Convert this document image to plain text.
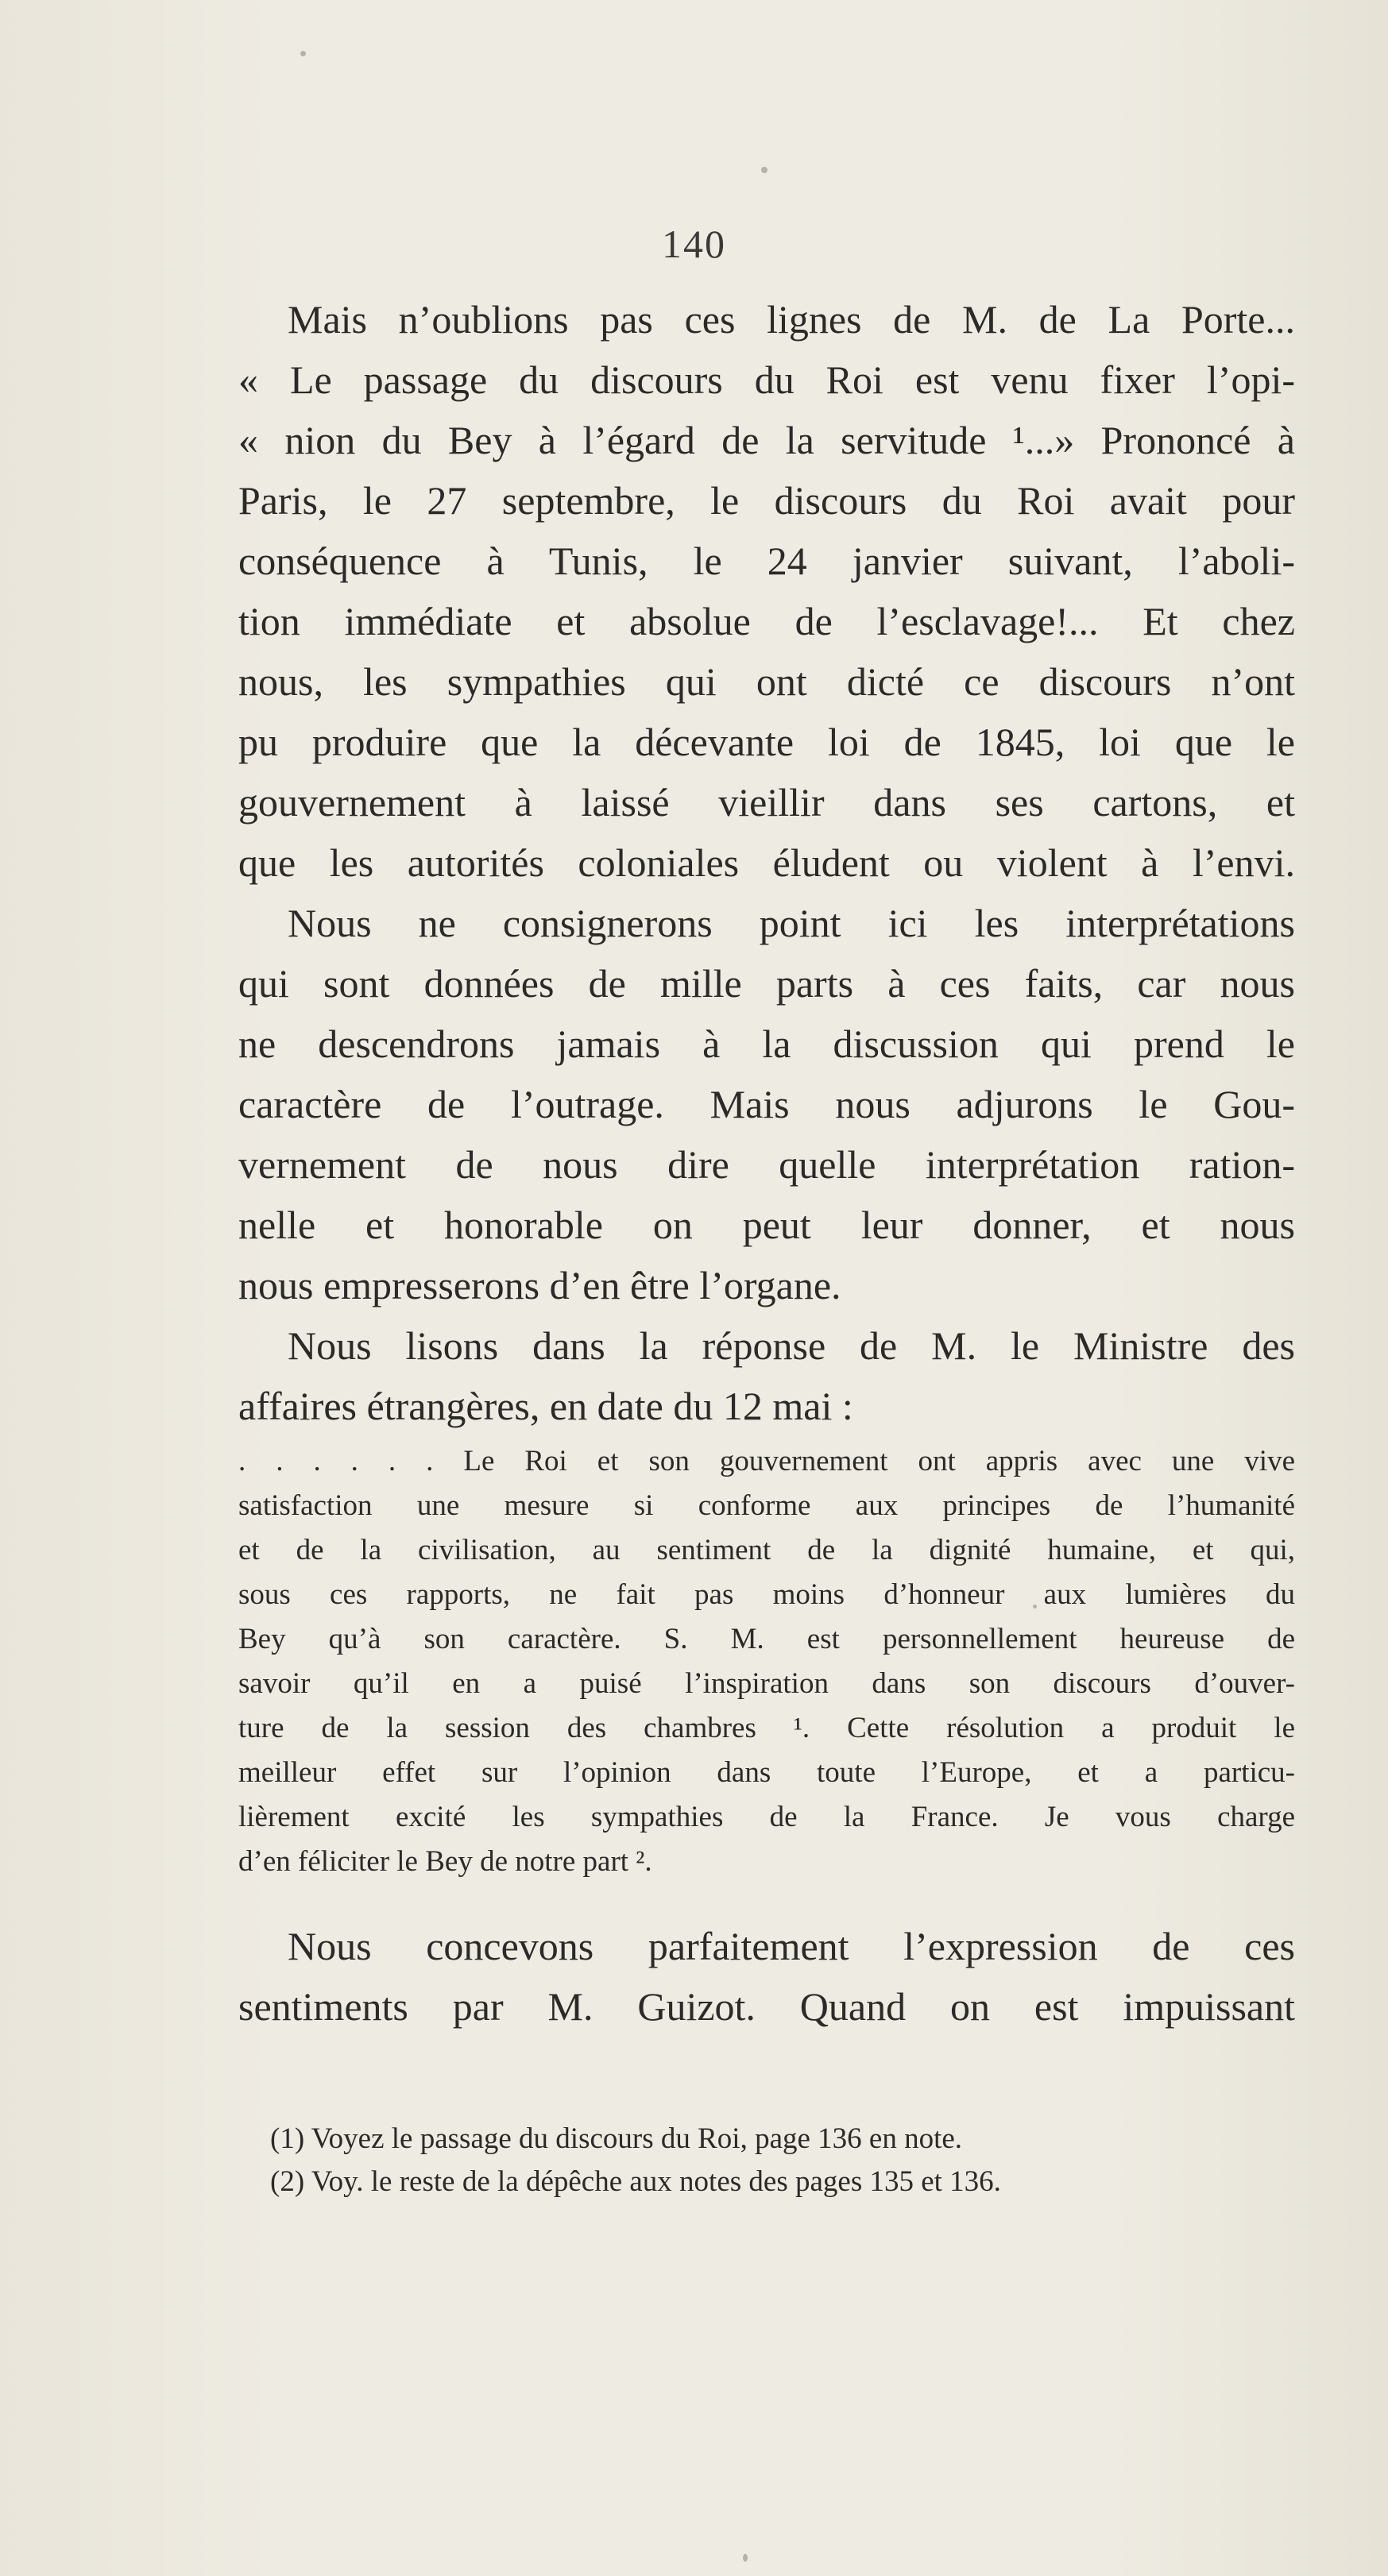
140
Mais n’oublions pas ces lignes de M. de La Porte...
« Le passage du discours du Roi est venu fixer l’opi-
« nion du Bey à l’égard de la servitude ¹...» Prononcé à
Paris, le 27 septembre, le discours du Roi avait pour
conséquence à Tunis, le 24 janvier suivant, l’aboli-
tion immédiate et absolue de l’esclavage!... Et chez
nous, les sympathies qui ont dicté ce discours n’ont
pu produire que la décevante loi de 1845, loi que le
gouvernement à laissé vieillir dans ses cartons, et
que les autorités coloniales éludent ou violent à l’envi.
Nous ne consignerons point ici les interprétations
qui sont données de mille parts à ces faits, car nous
ne descendrons jamais à la discussion qui prend le
caractère de l’outrage. Mais nous adjurons le Gou-
vernement de nous dire quelle interprétation ration-
nelle et honorable on peut leur donner, et nous
nous empresserons d’en être l’organe.
Nous lisons dans la réponse de M. le Ministre des
affaires étrangères, en date du 12 mai :
. . . . . . Le Roi et son gouvernement ont appris avec une vive
satisfaction une mesure si conforme aux principes de l’humanité
et de la civilisation, au sentiment de la dignité humaine, et qui,
sous ces rapports, ne fait pas moins d’honneur aux lumières du
Bey qu’à son caractère. S. M. est personnellement heureuse de
savoir qu’il en a puisé l’inspiration dans son discours d’ouver-
ture de la session des chambres ¹. Cette résolution a produit le
meilleur effet sur l’opinion dans toute l’Europe, et a particu-
lièrement excité les sympathies de la France. Je vous charge
d’en féliciter le Bey de notre part ².
Nous concevons parfaitement l’expression de ces
sentiments par M. Guizot. Quand on est impuissant
(1) Voyez le passage du discours du Roi, page 136 en note.
(2) Voy. le reste de la dépêche aux notes des pages 135 et 136.
